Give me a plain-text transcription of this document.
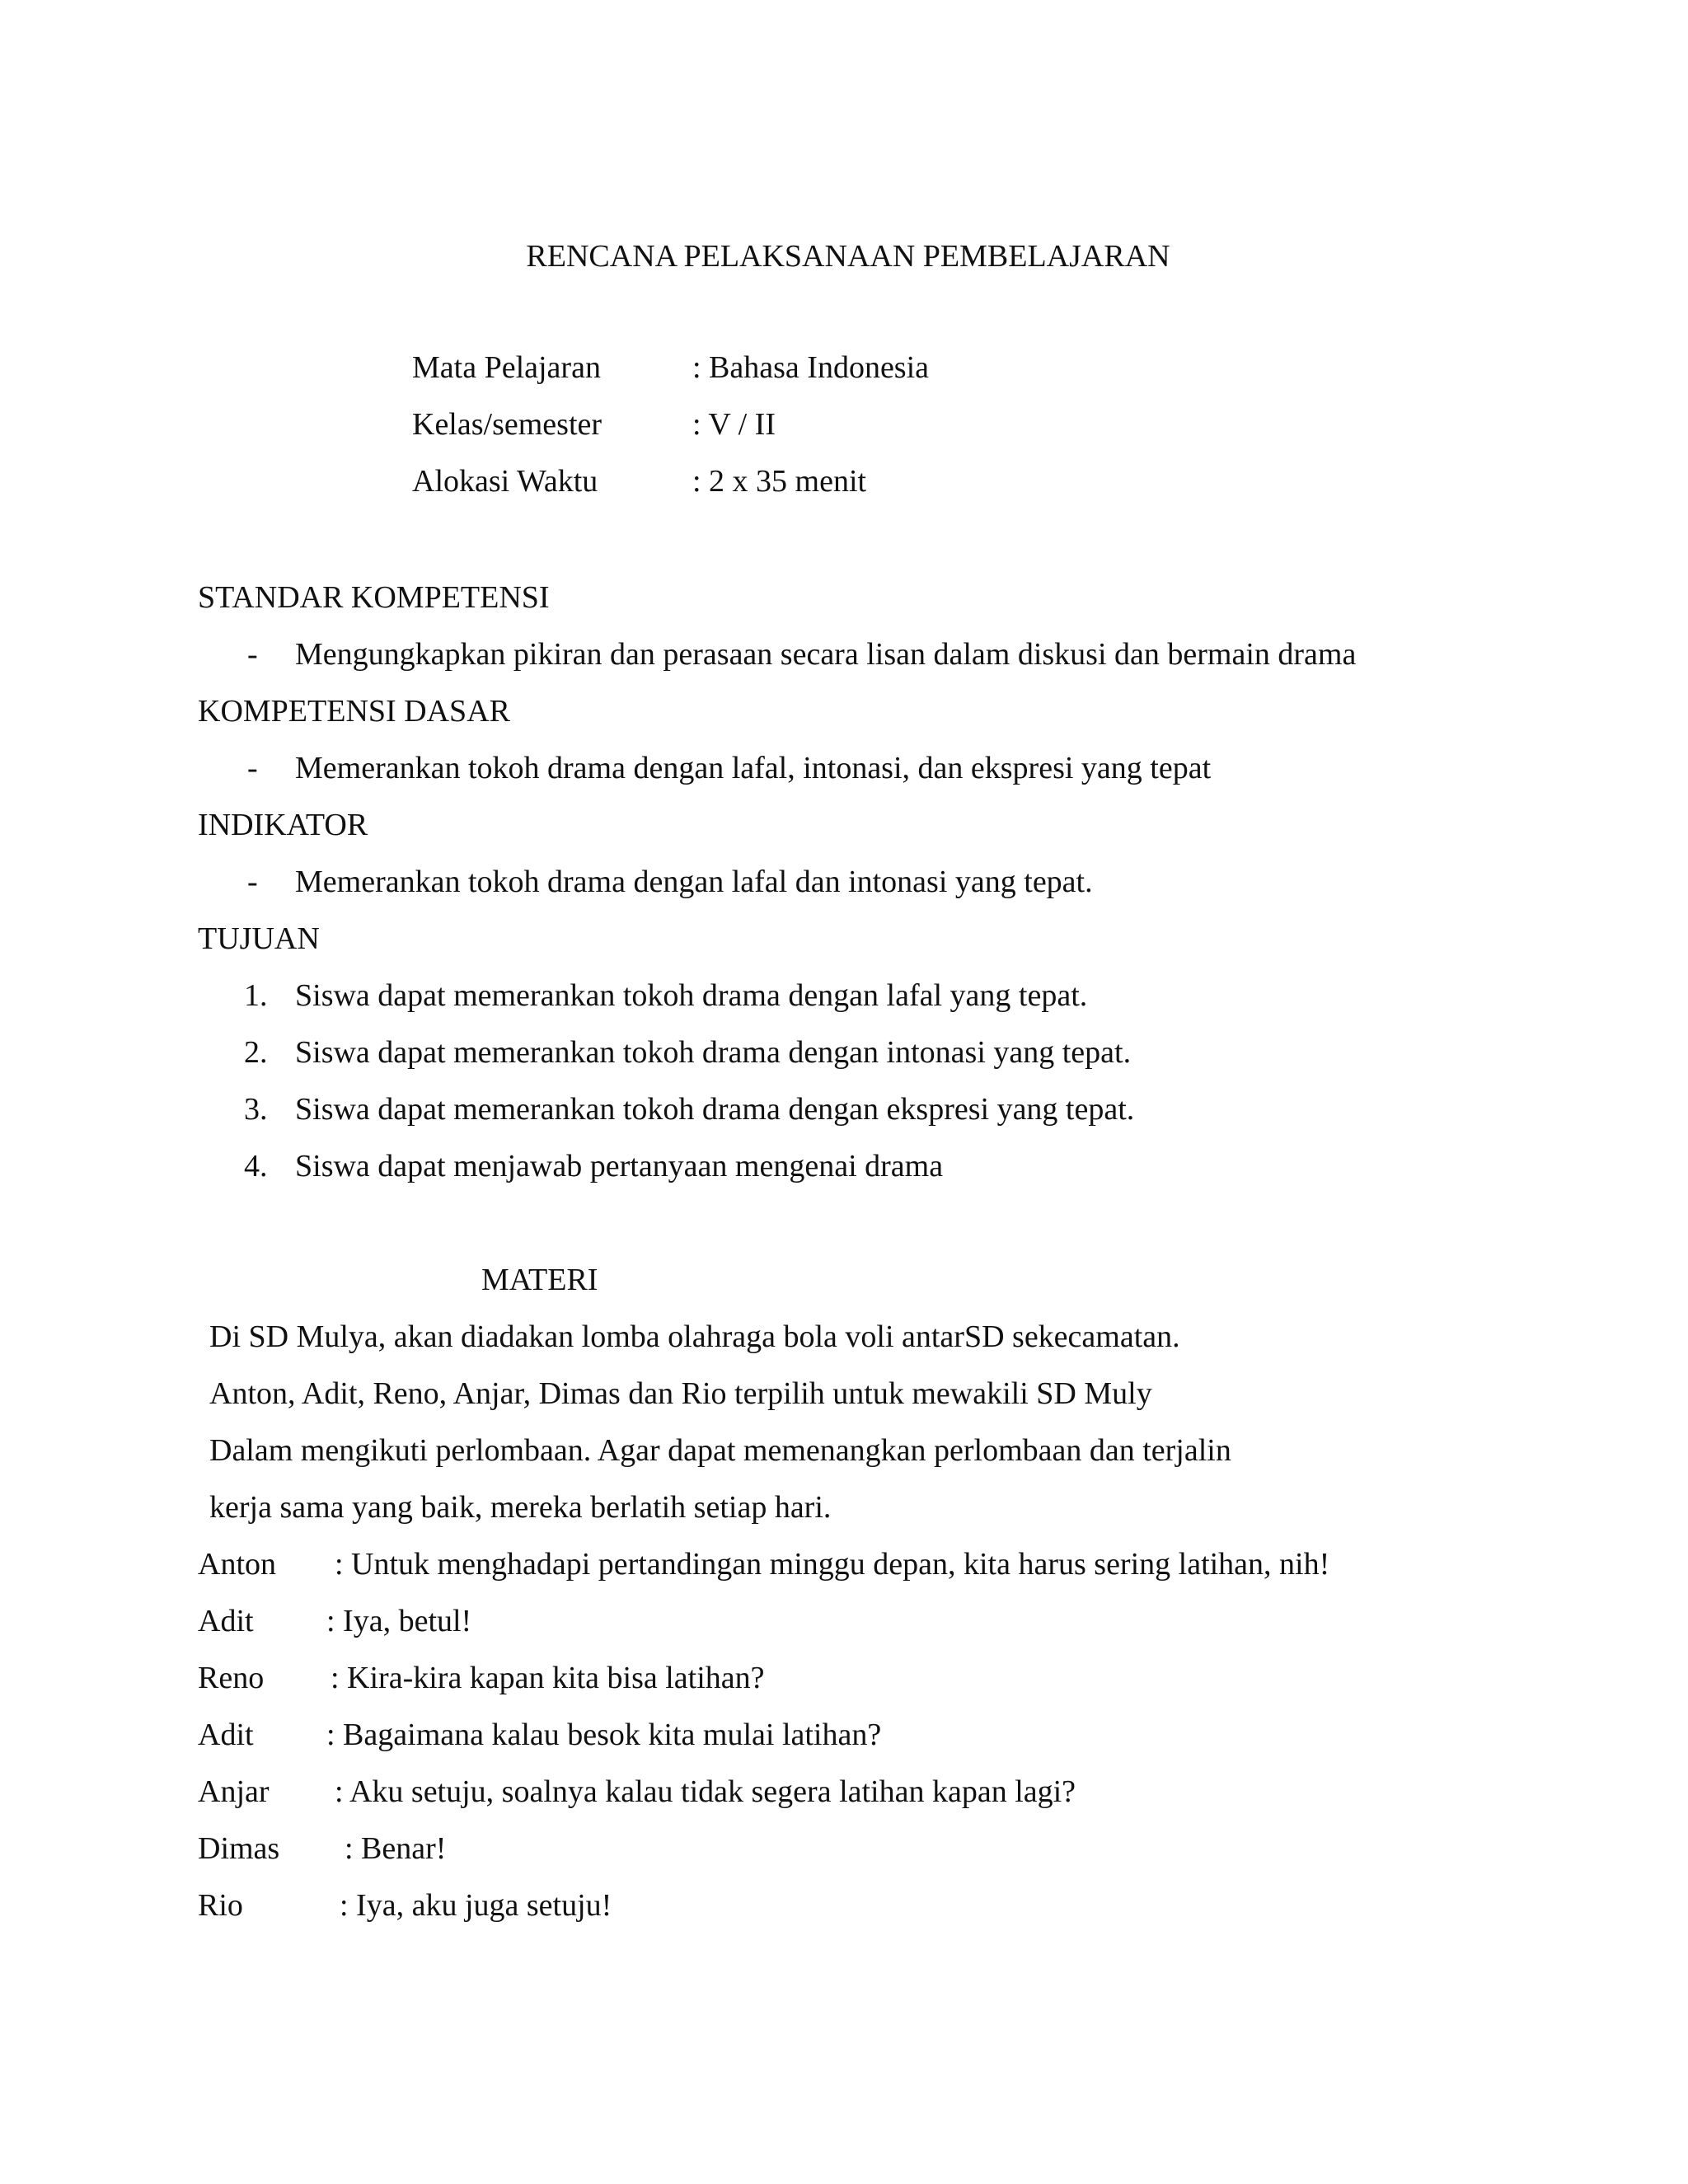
RENCANA PELAKSANAAN PEMBELAJARAN
Mata Pelajaran	: Bahasa Indonesia
Kelas/semester	: V / II
Alokasi Waktu	: 2 x 35 menit
STANDAR KOMPETENSI
- Mengungkapkan pikiran dan perasaan secara lisan dalam diskusi dan bermain drama
KOMPETENSI DASAR
- Memerankan tokoh drama dengan lafal, intonasi, dan ekspresi yang tepat
INDIKATOR
- Memerankan tokoh drama dengan lafal dan intonasi yang tepat.
TUJUAN
1. Siswa dapat memerankan tokoh drama dengan lafal yang tepat.
2. Siswa dapat memerankan tokoh drama dengan intonasi yang tepat.
3. Siswa dapat memerankan tokoh drama dengan ekspresi yang tepat.
4. Siswa dapat menjawab pertanyaan mengenai drama
MATERI
Di SD Mulya, akan diadakan lomba olahraga bola voli antarSD sekecamatan.
Anton, Adit, Reno, Anjar, Dimas dan Rio terpilih untuk mewakili SD Muly
Dalam mengikuti perlombaan. Agar dapat memenangkan perlombaan dan terjalin
kerja sama yang baik, mereka berlatih setiap hari.
Anton : Untuk menghadapi pertandingan minggu depan, kita harus sering latihan, nih!
Adit : Iya, betul!
Reno : Kira-kira kapan kita bisa latihan?
Adit : Bagaimana kalau besok kita mulai latihan?
Anjar : Aku setuju, soalnya kalau tidak segera latihan kapan lagi?
Dimas : Benar!
Rio	: Iya, aku juga setuju!
